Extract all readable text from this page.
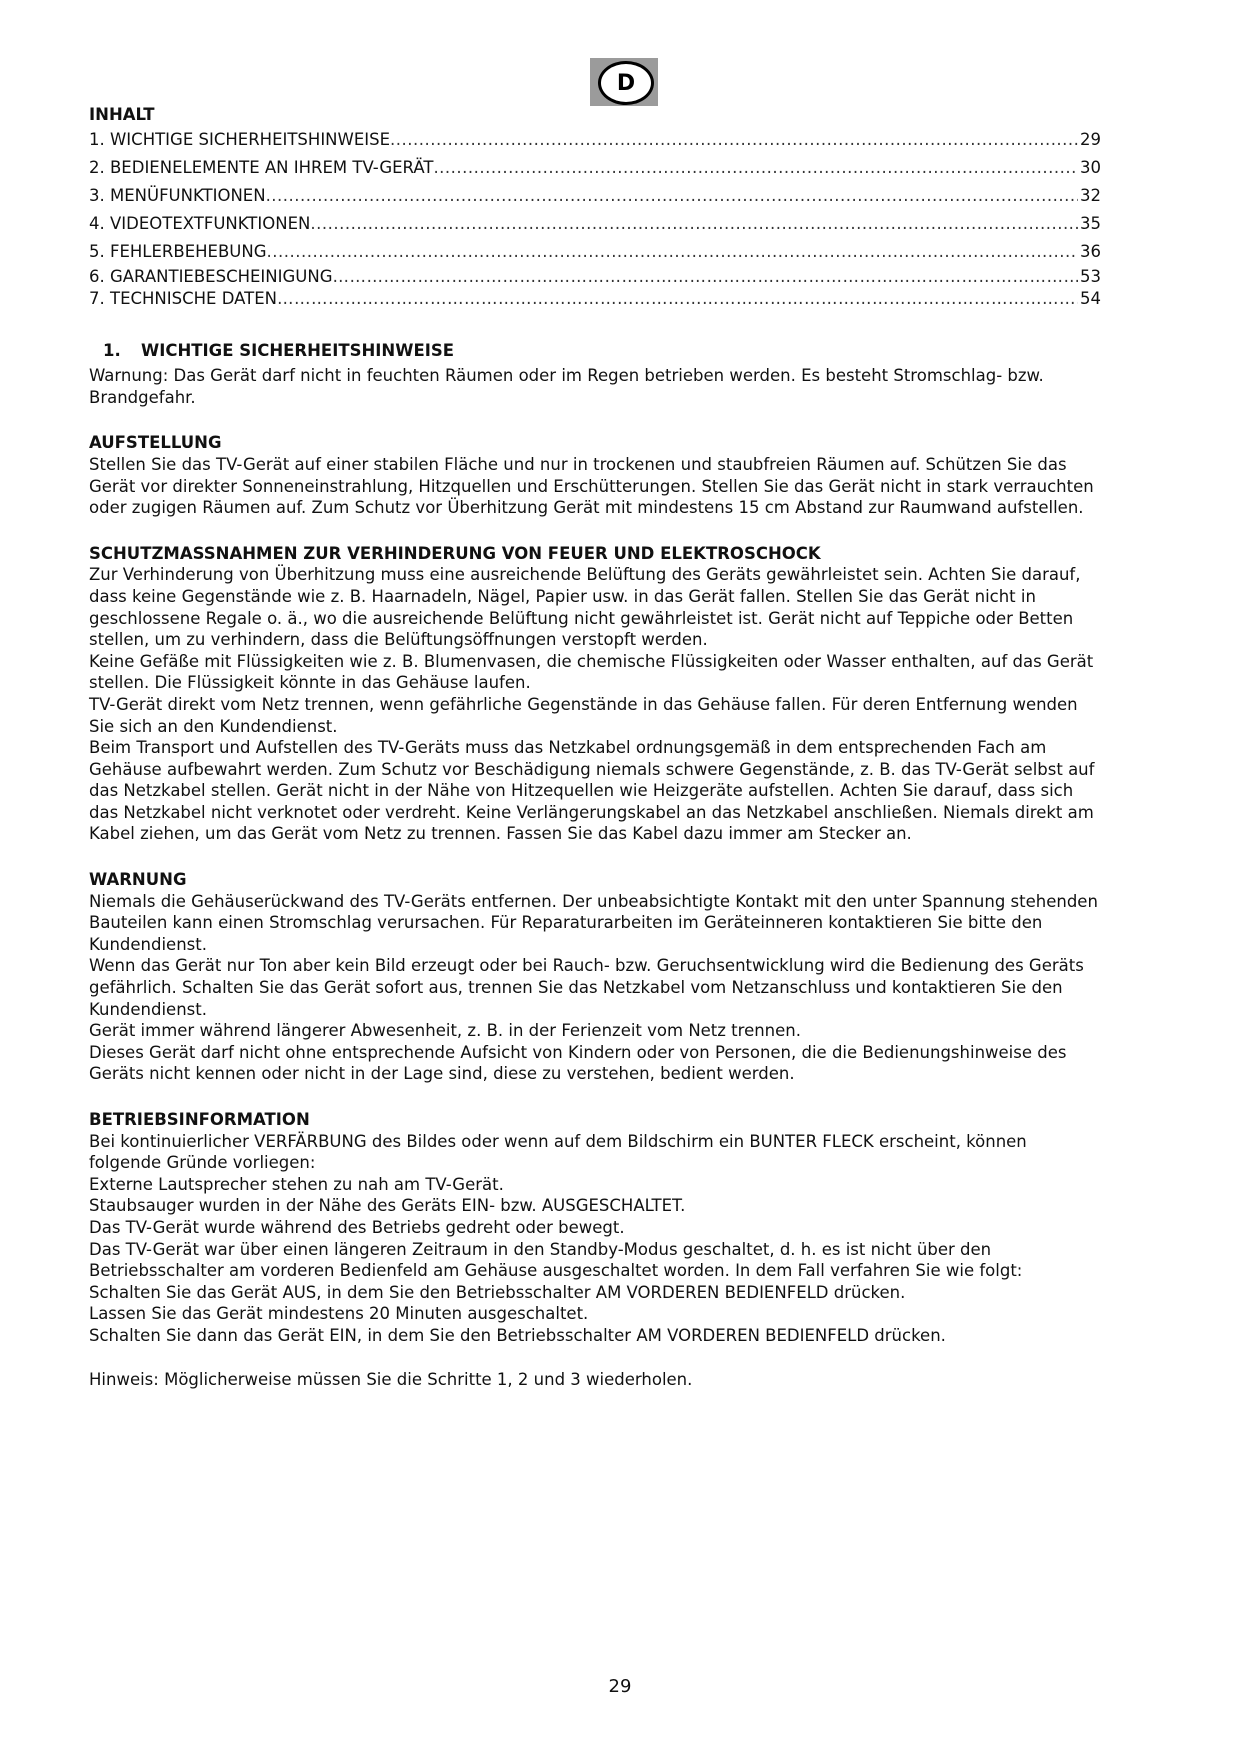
D
INHALT
1. WICHTIGE SICHERHEITSHINWEISE .....	29
2. BEDIENELEMENTE AN IHREM TV-GERÄT .....	30
3. MENÜFUNKTIONEN .....	32
4. VIDEOTEXTFUNKTIONEN .....	35
5. FEHLERBEHEBUNG .....	36
6. GARANTIEBESCHEINIGUNG ………………………………………………………………………………………………………………………………………………………………………………………………………………	53
7. TECHNISCHE DATEN ………………………………………………………………………………………………………………………………………………………………………………………………………………	54
1. WICHTIGE SICHERHEITSHINWEISE

Warnung: Das Gerät darf nicht in feuchten Räumen oder im Regen betrieben werden. Es besteht Stromschlag- bzw. Brandgefahr.

AUFSTELLUNG

Stellen Sie das TV-Gerät auf einer stabilen Fläche und nur in trockenen und staubfreien Räumen auf. Schützen Sie das Gerät vor direkter Sonneneinstrahlung, Hitzquellen und Erschütterungen. Stellen Sie das Gerät nicht in stark verrauchten oder zugigen Räumen auf. Zum Schutz vor Überhitzung Gerät mit mindestens 15 cm Abstand zur Raumwand aufstellen.

SCHUTZMASSNAHMEN ZUR VERHINDERUNG VON FEUER UND ELEKTROSCHOCK

Zur Verhinderung von Überhitzung muss eine ausreichende Belüftung des Geräts gewährleistet sein. Achten Sie darauf, dass keine Gegenstände wie z. B. Haarnadeln, Nägel, Papier usw. in das Gerät fallen. Stellen Sie das Gerät nicht in geschlossene Regale o. ä., wo die ausreichende Belüftung nicht gewährleistet ist. Gerät nicht auf Teppiche oder Betten stellen, um zu verhindern, dass die Belüftungsöffnungen verstopft werden.

Keine Gefäße mit Flüssigkeiten wie z. B. Blumenvasen, die chemische Flüssigkeiten oder Wasser enthalten, auf das Gerät stellen. Die Flüssigkeit könnte in das Gehäuse laufen.

TV-Gerät direkt vom Netz trennen, wenn gefährliche Gegenstände in das Gehäuse fallen. Für deren Entfernung wenden Sie sich an den Kundendienst.

Beim Transport und Aufstellen des TV-Geräts muss das Netzkabel ordnungsgemäß in dem entsprechenden Fach am Gehäuse aufbewahrt werden. Zum Schutz vor Beschädigung niemals schwere Gegenstände, z. B. das TV-Gerät selbst auf das Netzkabel stellen. Gerät nicht in der Nähe von Hitzequellen wie Heizgeräte aufstellen. Achten Sie darauf, dass sich das Netzkabel nicht verknotet oder verdreht. Keine Verlängerungskabel an das Netzkabel anschließen. Niemals direkt am Kabel ziehen, um das Gerät vom Netz zu trennen. Fassen Sie das Kabel dazu immer am Stecker an.

WARNUNG

Niemals die Gehäuserückwand des TV-Geräts entfernen. Der unbeabsichtigte Kontakt mit den unter Spannung stehenden Bauteilen kann einen Stromschlag verursachen. Für Reparaturarbeiten im Geräteinneren kontaktieren Sie bitte den Kundendienst.

Wenn das Gerät nur Ton aber kein Bild erzeugt oder bei Rauch- bzw. Geruchsentwicklung wird die Bedienung des Geräts gefährlich. Schalten Sie das Gerät sofort aus, trennen Sie das Netzkabel vom Netzanschluss und kontaktieren Sie den Kundendienst.

Gerät immer während längerer Abwesenheit, z. B. in der Ferienzeit vom Netz trennen.

Dieses Gerät darf nicht ohne entsprechende Aufsicht von Kindern oder von Personen, die die Bedienungshinweise des Geräts nicht kennen oder nicht in der Lage sind, diese zu verstehen, bedient werden.

BETRIEBSINFORMATION

Bei kontinuierlicher VERFÄRBUNG des Bildes oder wenn auf dem Bildschirm ein BUNTER FLECK erscheint, können folgende Gründe vorliegen:

Externe Lautsprecher stehen zu nah am TV-Gerät.

Staubsauger wurden in der Nähe des Geräts EIN- bzw. AUSGESCHALTET.

Das TV-Gerät wurde während des Betriebs gedreht oder bewegt.

Das TV-Gerät war über einen längeren Zeitraum in den Standby-Modus geschaltet, d. h. es ist nicht über den Betriebsschalter am vorderen Bedienfeld am Gehäuse ausgeschaltet worden. In dem Fall verfahren Sie wie folgt:

Schalten Sie das Gerät AUS, in dem Sie den Betriebsschalter AM VORDEREN BEDIENFELD drücken.

Lassen Sie das Gerät mindestens 20 Minuten ausgeschaltet.

Schalten Sie dann das Gerät EIN, in dem Sie den Betriebsschalter AM VORDEREN BEDIENFELD drücken.

Hinweis: Möglicherweise müssen Sie die Schritte 1, 2 und 3 wiederholen.

29
